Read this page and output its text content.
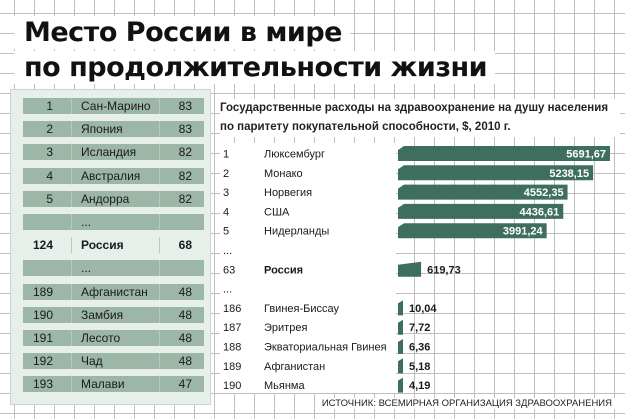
Место России в мире
по продолжительности жизни
1 Сан-Марино 83
2 Япония	83
3 Исландия	82
4 Австралия	82
5 Андорра	82
...
124 Россия	68
...
189 Афганистан	48
190 Замбия	48
191 Лесото	48
192 Чад	48
193 Малави	47
Государственные расходы на здравоохранение на душу населения по паритету покупательной способности, $, 2010 г.
1	Люксембург	5691,67
2	Монако	5238,15
3	Норвегия	4552,35
4	США	4436,61
5	Нидерланды	3991,24
...
63	Россия	619,73
...
186 Гвинея-Биссау	10,04
187 Эритрея	7,72
188 Экваториальная Гвинея 6,36
189 Афганистан	5,18
190 Мьянма	4,19
ИСТОЧНИК: ВСЕМИРНАЯ ОРГАНИЗАЦИЯ ЗДРАВООХРАНЕНИЯ
